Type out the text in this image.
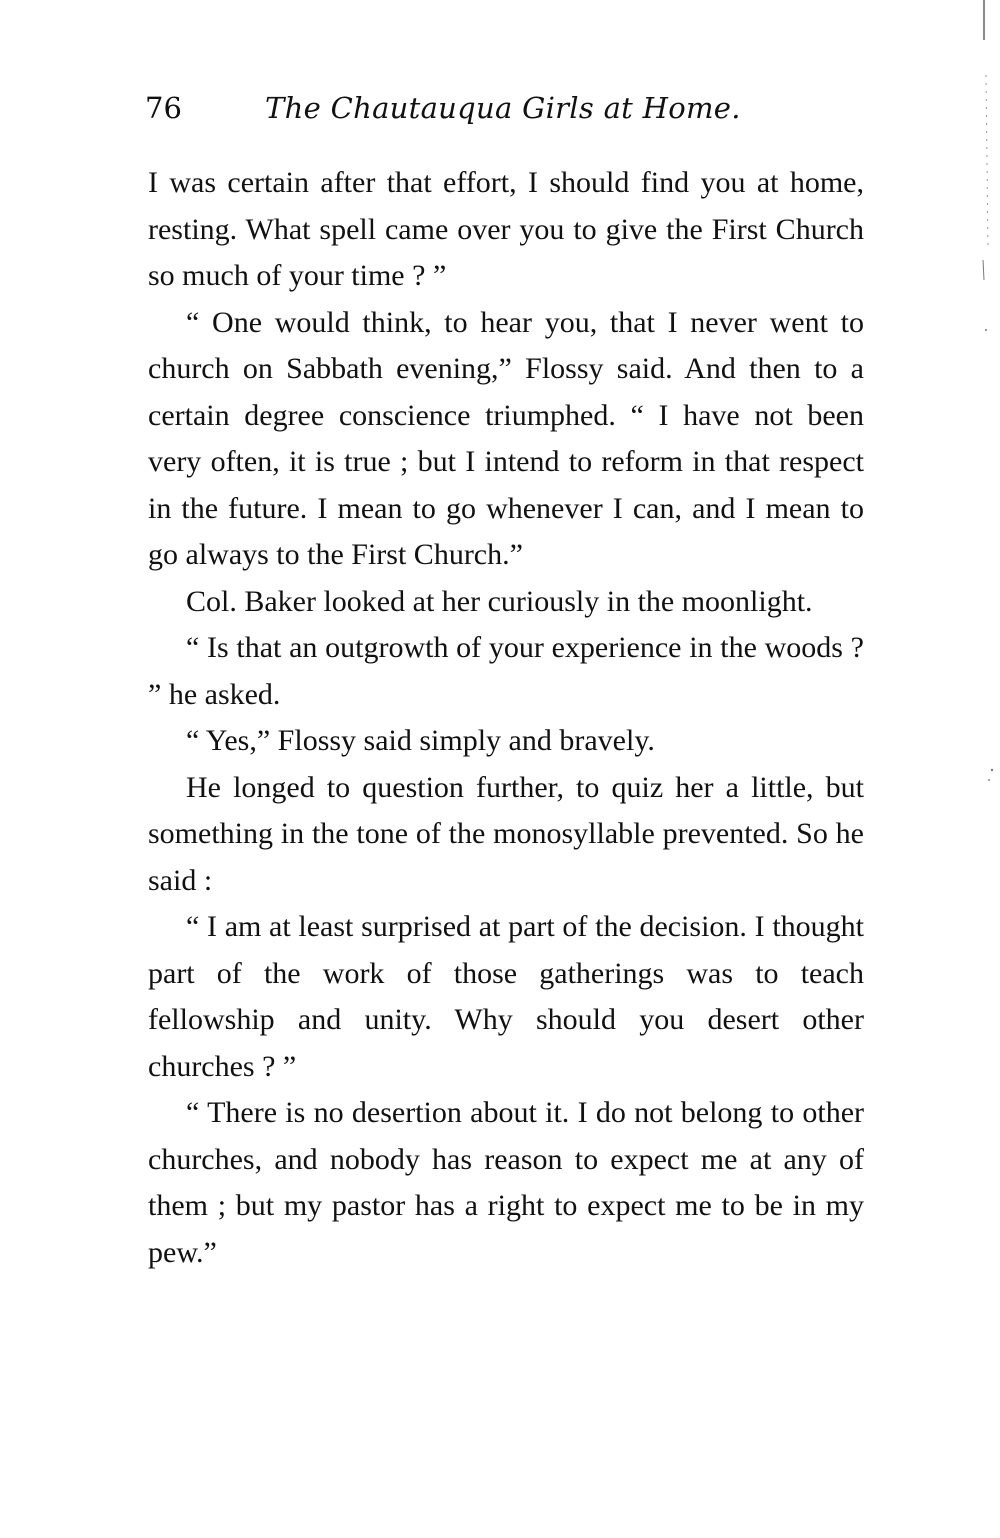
76	The Chautauqua Girls at Home.

I was certain after that effort, I should find you at home, resting. What spell came over you to give the First Church so much of your time ? ”

“ One would think, to hear you, that I never went to church on Sabbath evening,” Flossy said. And then to a certain degree conscience triumphed. “ I have not been very often, it is true ; but I intend to reform in that respect in the future. I mean to go whenever I can, and I mean to go always to the First Church.”

Col. Baker looked at her curiously in the moonlight.

“ Is that an outgrowth of your experience in the woods ? ” he asked.

“ Yes,” Flossy said simply and bravely.

He longed to question further, to quiz her a little, but something in the tone of the monosyllable prevented. So he said :

“ I am at least surprised at part of the decision. I thought part of the work of those gatherings was to teach fellowship and unity. Why should you desert other churches ? ”

“ There is no desertion about it. I do not belong to other churches, and nobody has reason to expect me at any of them ; but my pastor has a right to expect me to be in my pew.”
